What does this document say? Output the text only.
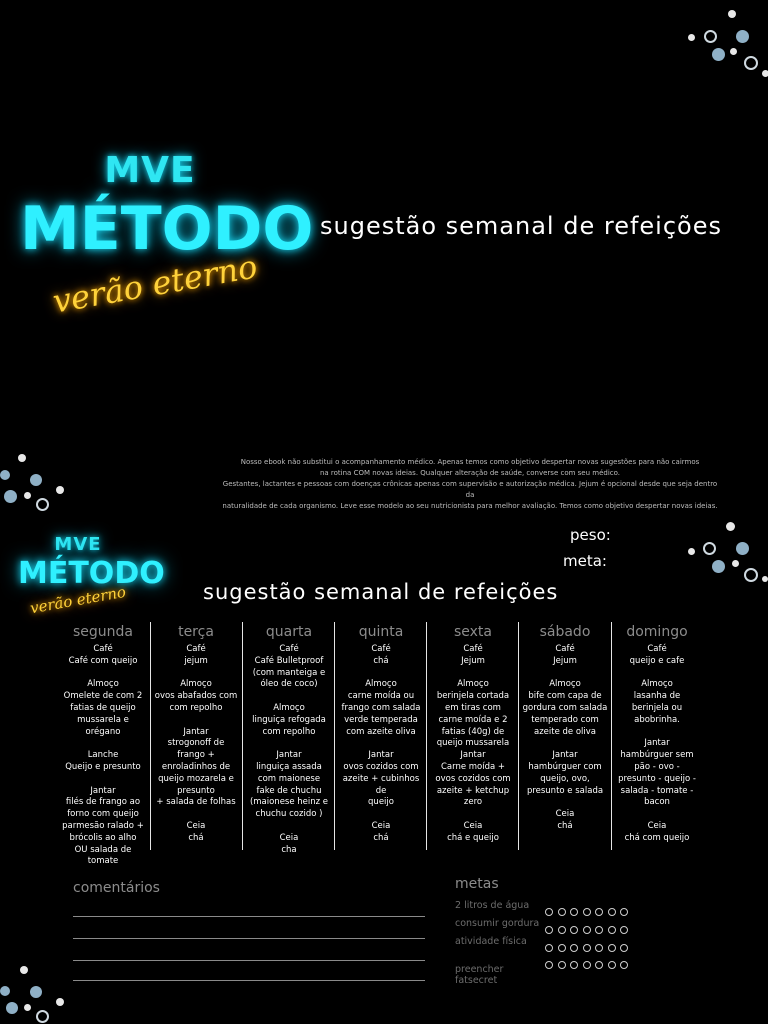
MVE
MÉTODO
verão eterno
sugestão semanal de refeições
Nosso ebook não substitui o acompanhamento médico. Apenas temos como objetivo despertar novas sugestões para não cairmos
na rotina COM novas ideias. Qualquer alteração de saúde, converse com seu médico.
Gestantes, lactantes e pessoas com doenças crônicas apenas com supervisão e autorização médica. Jejum é opcional desde que seja dentro da
naturalidade de cada organismo. Leve esse modelo ao seu nutricionista para melhor avaliação. Temos como objetivo despertar novas ideias.
MVE
MÉTODO
verão eterno
peso:
meta:
sugestão semanal de refeições
segunda
Café
Café com queijo
Almoço
Omelete de com 2
fatias de queijo
mussarela e
orégano
Lanche
Queijo e presunto
Jantar
filés de frango ao
forno com queijo
parmesão ralado +
brócolis ao alho
OU salada de
tomate
terça
Café
jejum
Almoço
ovos abafados com
com repolho
Jantar
strogonoff de
frango +
enroladinhos de
queijo mozarela e
presunto
+ salada de folhas
Ceia
chá
quarta
Café
Café Bulletproof
(com manteiga e
óleo de coco)
Almoço
linguiça refogada
com repolho
Jantar
linguiça assada
com maionese
fake de chuchu
(maionese heinz e
chuchu cozido )
Ceia
cha
quinta
Café
chá
Almoço
carne moída ou
frango com salada
verde temperada
com azeite oliva
Jantar
ovos cozidos com
azeite + cubinhos de
queijo
Ceia
chá
sexta
Café
Jejum
Almoço
berinjela cortada
em tiras com
carne moída e 2
fatias (40g) de
queijo mussarela
Jantar
Carne moída +
ovos cozidos com
azeite + ketchup
zero
Ceia
chá e queijo
sábado
Café
Jejum
Almoço
bife com capa de
gordura com salada
temperado com
azeite de oliva
Jantar
hambúrguer com
queijo, ovo,
presunto e salada
Ceia
chá
domingo
Café
queijo e cafe
Almoço
lasanha de
berinjela ou
abobrinha.
Jantar
hambúrguer sem
pão - ovo -
presunto - queijo -
salada - tomate -
bacon
Ceia
chá com queijo
comentários	metas
2 litros de água
consumir gordura
atividade física

preencher
fatsecret
